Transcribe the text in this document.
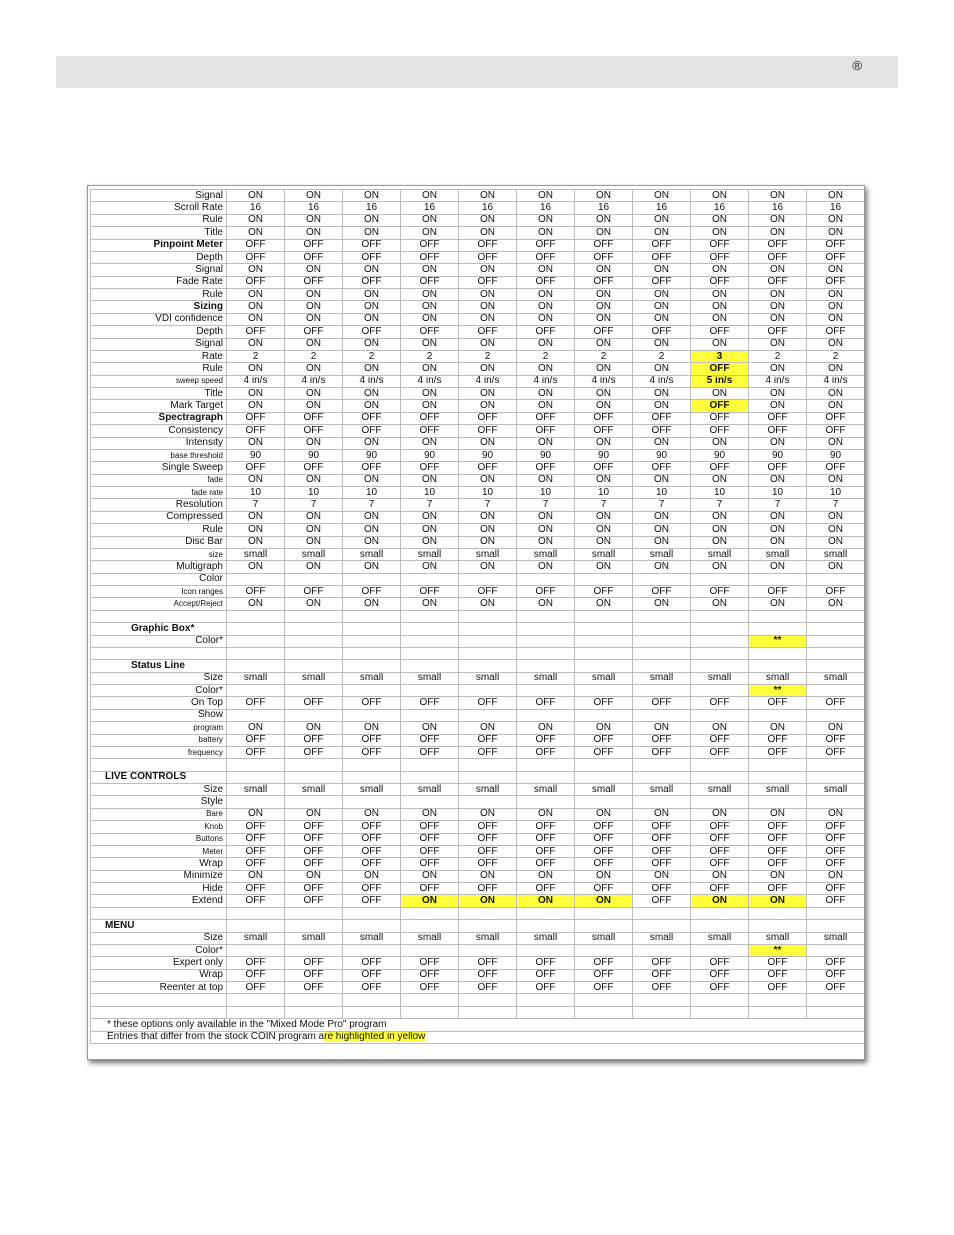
®
Signal	ON	ON	ON	ON	ON	ON	ON	ON	ON	ON	ON
Scroll Rate	16	16	16	16	16	16	16	16	16	16	16
Rule	ON	ON	ON	ON	ON	ON	ON	ON	ON	ON	ON
Title	ON	ON	ON	ON	ON	ON	ON	ON	ON	ON	ON
Pinpoint Meter	OFF	OFF	OFF	OFF	OFF	OFF	OFF	OFF	OFF	OFF	OFF
Depth	OFF	OFF	OFF	OFF	OFF	OFF	OFF	OFF	OFF	OFF	OFF
Signal	ON	ON	ON	ON	ON	ON	ON	ON	ON	ON	ON
Fade Rate	OFF	OFF	OFF	OFF	OFF	OFF	OFF	OFF	OFF	OFF	OFF
Rule	ON	ON	ON	ON	ON	ON	ON	ON	ON	ON	ON
Sizing	ON	ON	ON	ON	ON	ON	ON	ON	ON	ON	ON
VDI confidence	ON	ON	ON	ON	ON	ON	ON	ON	ON	ON	ON
Depth	OFF	OFF	OFF	OFF	OFF	OFF	OFF	OFF	OFF	OFF	OFF
Signal	ON	ON	ON	ON	ON	ON	ON	ON	ON	ON	ON
Rate	2	2	2	2	2	2	2	2	3	2	2
Rule	ON	ON	ON	ON	ON	ON	ON	ON	OFF	ON	ON
sweep speed	4 in/s	4 in/s	4 in/s	4 in/s	4 in/s	4 in/s	4 in/s	4 in/s	5 in/s	4 in/s	4 in/s
Title	ON	ON	ON	ON	ON	ON	ON	ON	ON	ON	ON
Mark Target	ON	ON	ON	ON	ON	ON	ON	ON	OFF	ON	ON
Spectragraph	OFF	OFF	OFF	OFF	OFF	OFF	OFF	OFF	OFF	OFF	OFF
Consistency	OFF	OFF	OFF	OFF	OFF	OFF	OFF	OFF	OFF	OFF	OFF
Intensity	ON	ON	ON	ON	ON	ON	ON	ON	ON	ON	ON
base threshold	90	90	90	90	90	90	90	90	90	90	90
Single Sweep	OFF	OFF	OFF	OFF	OFF	OFF	OFF	OFF	OFF	OFF	OFF
fade	ON	ON	ON	ON	ON	ON	ON	ON	ON	ON	ON
fade rate	10	10	10	10	10	10	10	10	10	10	10
Resolution	7	7	7	7	7	7	7	7	7	7	7
Compressed	ON	ON	ON	ON	ON	ON	ON	ON	ON	ON	ON
Rule	ON	ON	ON	ON	ON	ON	ON	ON	ON	ON	ON
Disc Bar	ON	ON	ON	ON	ON	ON	ON	ON	ON	ON	ON
size	small	small	small	small	small	small	small	small	small	small	small
Multigraph	ON	ON	ON	ON	ON	ON	ON	ON	ON	ON	ON
Color											
Icon ranges	OFF	OFF	OFF	OFF	OFF	OFF	OFF	OFF	OFF	OFF	OFF
Accept/Reject	ON	ON	ON	ON	ON	ON	ON	ON	ON	ON	ON

Graphic Box*											
Color*										**	

Status Line											
Size	small	small	small	small	small	small	small	small	small	small	small
Color*										**	
On Top	OFF	OFF	OFF	OFF	OFF	OFF	OFF	OFF	OFF	OFF	OFF
Show											
program	ON	ON	ON	ON	ON	ON	ON	ON	ON	ON	ON
battery	OFF	OFF	OFF	OFF	OFF	OFF	OFF	OFF	OFF	OFF	OFF
frequency	OFF	OFF	OFF	OFF	OFF	OFF	OFF	OFF	OFF	OFF	OFF

LIVE CONTROLS											
Size	small	small	small	small	small	small	small	small	small	small	small
Style											
Bare	ON	ON	ON	ON	ON	ON	ON	ON	ON	ON	ON
Knob	OFF	OFF	OFF	OFF	OFF	OFF	OFF	OFF	OFF	OFF	OFF
Buttons	OFF	OFF	OFF	OFF	OFF	OFF	OFF	OFF	OFF	OFF	OFF
Meter	OFF	OFF	OFF	OFF	OFF	OFF	OFF	OFF	OFF	OFF	OFF
Wrap	OFF	OFF	OFF	OFF	OFF	OFF	OFF	OFF	OFF	OFF	OFF
Minimize	ON	ON	ON	ON	ON	ON	ON	ON	ON	ON	ON
Hide	OFF	OFF	OFF	OFF	OFF	OFF	OFF	OFF	OFF	OFF	OFF
Extend	OFF	OFF	OFF	ON	ON	ON	ON	OFF	ON	ON	OFF

MENU											
Size	small	small	small	small	small	small	small	small	small	small	small
Color*										**	
Expert only	OFF	OFF	OFF	OFF	OFF	OFF	OFF	OFF	OFF	OFF	OFF
Wrap	OFF	OFF	OFF	OFF	OFF	OFF	OFF	OFF	OFF	OFF	OFF
Reenter at top	OFF	OFF	OFF	OFF	OFF	OFF	OFF	OFF	OFF	OFF	OFF

* these options only available in the "Mixed Mode Pro" program											
Entries that differ from the stock COIN program are highlighted in yellow											
